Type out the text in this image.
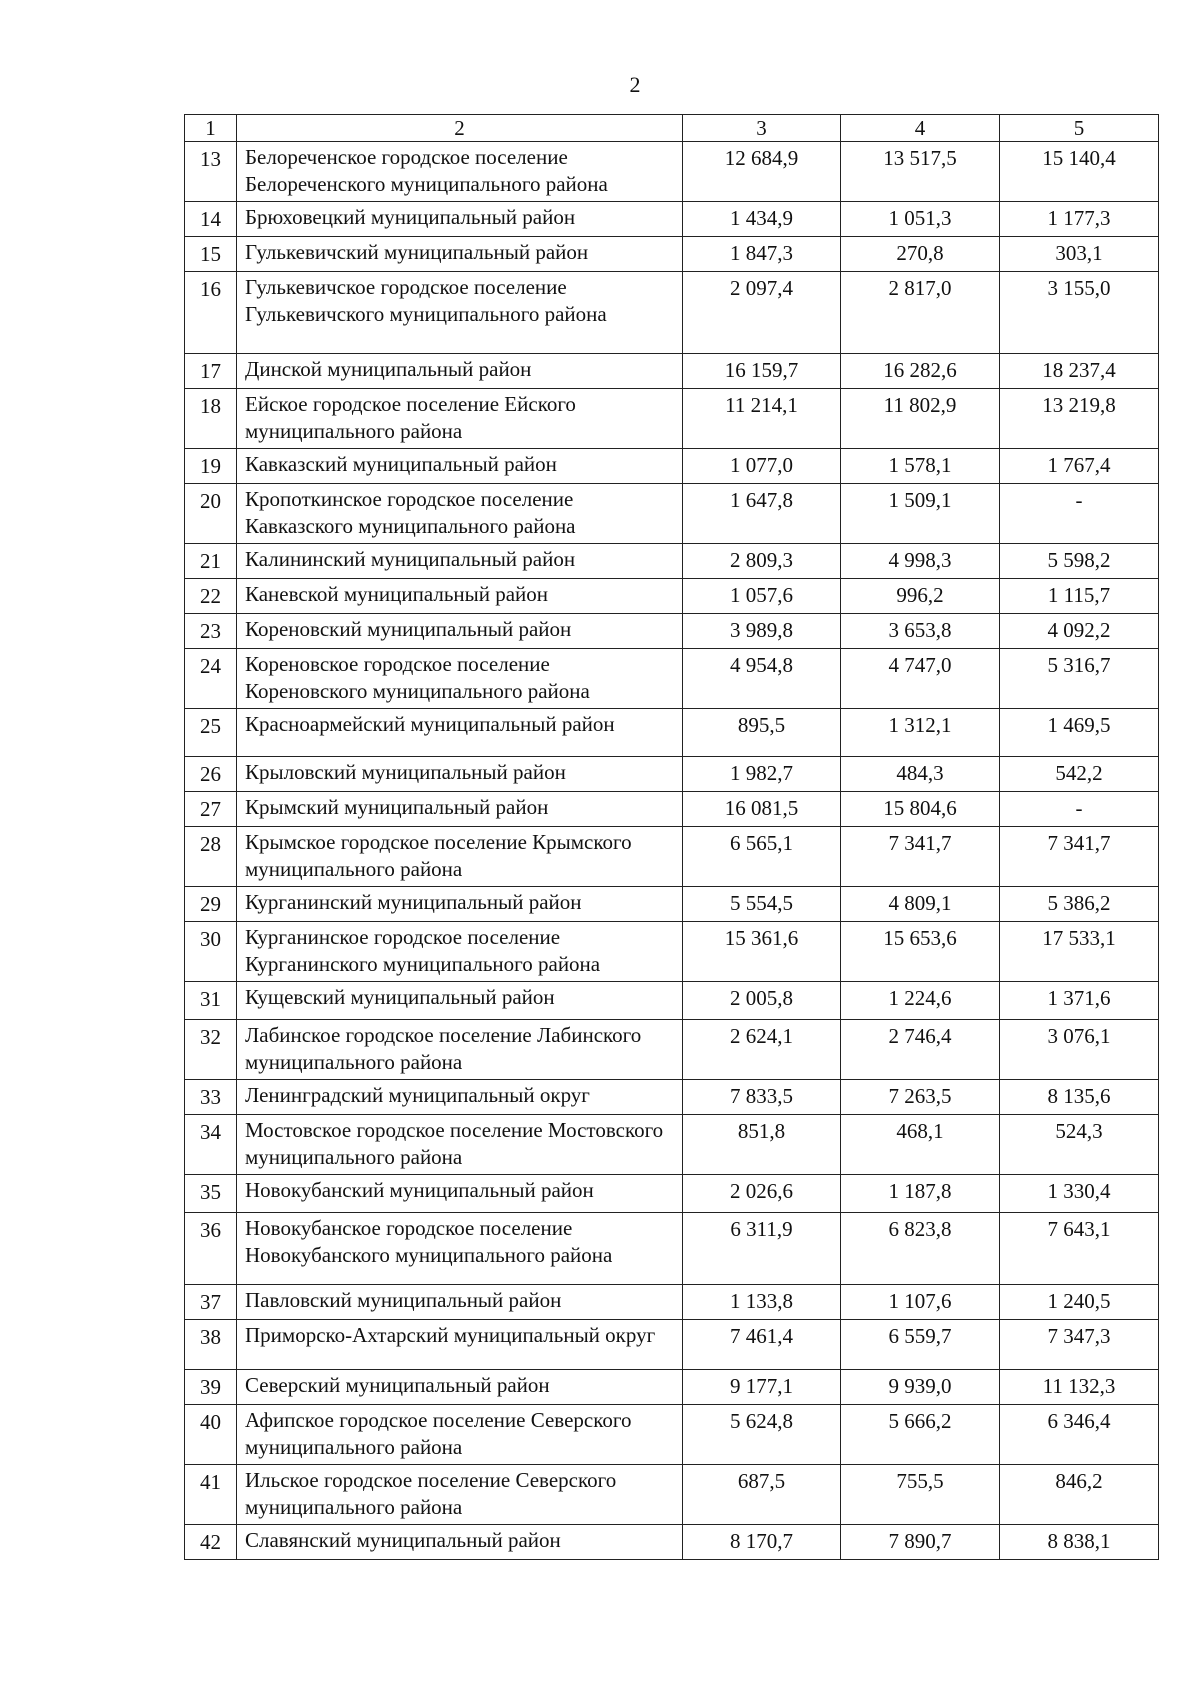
2
1	2	3	4	5
13	Белореченское городское поселение Белореченского муниципального района	12 684,9	13 517,5	15 140,4
14	Брюховецкий муниципальный район	1 434,9	1 051,3	1 177,3
15	Гулькевичский муниципальный район	1 847,3	270,8	303,1
16	Гулькевичское городское поселение Гулькевичского муниципального района	2 097,4	2 817,0	3 155,0
17	Динской муниципальный район	16 159,7	16 282,6	18 237,4
18	Ейское городское поселение Ейского муниципального района	11 214,1	11 802,9	13 219,8
19	Кавказский муниципальный район	1 077,0	1 578,1	1 767,4
20	Кропоткинское городское поселение Кавказского муниципального района	1 647,8	1 509,1	-
21	Калининский муниципальный район	2 809,3	4 998,3	5 598,2
22	Каневской муниципальный район	1 057,6	996,2	1 115,7
23	Кореновский муниципальный район	3 989,8	3 653,8	4 092,2
24	Кореновское городское поселение Кореновского муниципального района	4 954,8	4 747,0	5 316,7
25	Красноармейский муниципальный район	895,5	1 312,1	1 469,5
26	Крыловский муниципальный район	1 982,7	484,3	542,2
27	Крымский муниципальный район	16 081,5	15 804,6	-
28	Крымское городское поселение Крымского муниципального района	6 565,1	7 341,7	7 341,7
29	Курганинский муниципальный район	5 554,5	4 809,1	5 386,2
30	Курганинское городское поселение Курганинского муниципального района	15 361,6	15 653,6	17 533,1
31	Кущевский муниципальный район	2 005,8	1 224,6	1 371,6
32	Лабинское городское поселение Лабинского муниципального района	2 624,1	2 746,4	3 076,1
33	Ленинградский муниципальный округ	7 833,5	7 263,5	8 135,6
34	Мостовское городское поселение Мостовского муниципального района	851,8	468,1	524,3
35	Новокубанский муниципальный район	2 026,6	1 187,8	1 330,4
36	Новокубанское городское поселение Новокубанского муниципального района	6 311,9	6 823,8	7 643,1
37	Павловский муниципальный район	1 133,8	1 107,6	1 240,5
38	Приморско-Ахтарский муниципальный округ	7 461,4	6 559,7	7 347,3
39	Северский муниципальный район	9 177,1	9 939,0	11 132,3
40	Афипское городское поселение Северского муниципального района	5 624,8	5 666,2	6 346,4
41	Ильское городское поселение Северского муниципального района	687,5	755,5	846,2
42	Славянский муниципальный район	8 170,7	7 890,7	8 838,1
